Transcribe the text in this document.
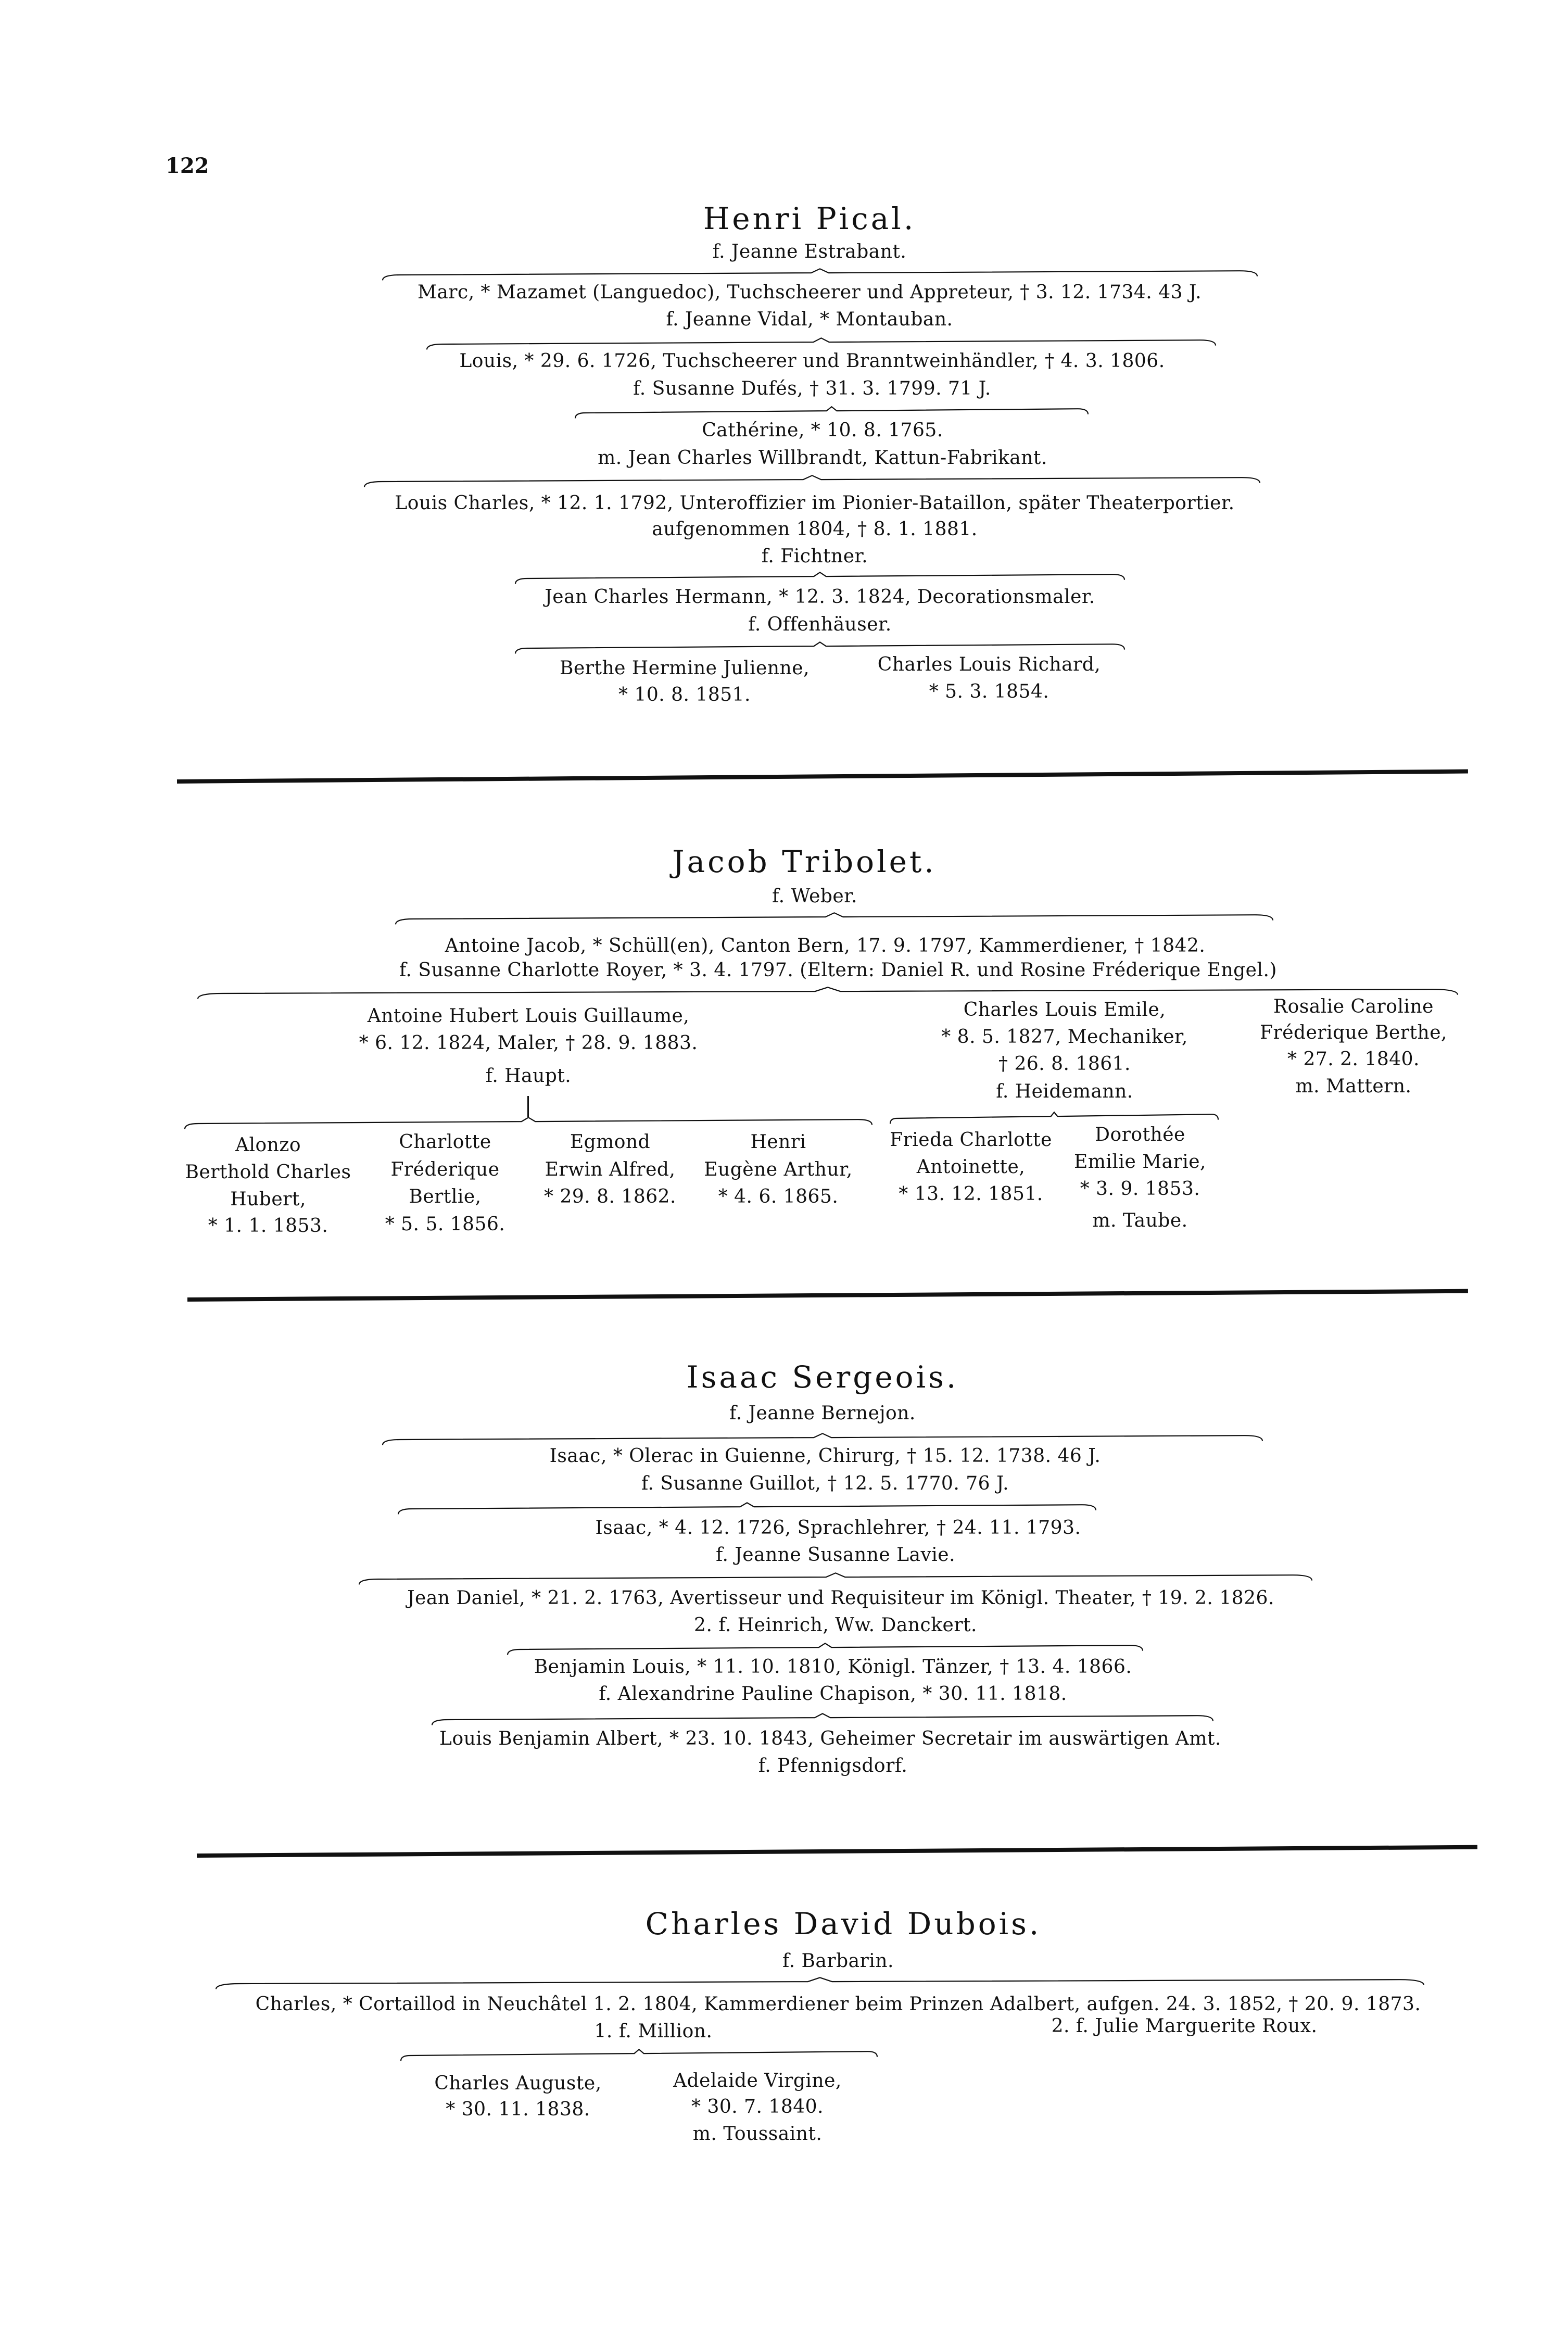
122
Henri Pical.
f. Jeanne Estrabant.
Marc, * Mazamet (Languedoc), Tuchscheerer und Appreteur, † 3. 12. 1734. 43 J.
f. Jeanne Vidal, * Montauban.
Louis, * 29. 6. 1726, Tuchscheerer und Branntweinhändler, † 4. 3. 1806.
f. Susanne Dufés, † 31. 3. 1799. 71 J.
Cathérine, * 10. 8. 1765.
m. Jean Charles Willbrandt, Kattun-Fabrikant.
Louis Charles, * 12. 1. 1792, Unteroffizier im Pionier-Bataillon, später Theaterportier.
aufgenommen 1804, † 8. 1. 1881.
f. Fichtner.
Jean Charles Hermann, * 12. 3. 1824, Decorationsmaler.
f. Offenhäuser.
Berthe Hermine Julienne,
* 10. 8. 1851.
Charles Louis Richard,
* 5. 3. 1854.
Jacob Tribolet.
f. Weber.
Antoine Jacob, * Schüll(en), Canton Bern, 17. 9. 1797, Kammerdiener, † 1842.
f. Susanne Charlotte Royer, * 3. 4. 1797. (Eltern: Daniel R. und Rosine Fréderique Engel.)
Antoine Hubert Louis Guillaume,
* 6. 12. 1824, Maler, † 28. 9. 1883.
f. Haupt.
Charles Louis Emile,
* 8. 5. 1827, Mechaniker,
† 26. 8. 1861.
f. Heidemann.
Rosalie Caroline
Fréderique Berthe,
* 27. 2. 1840.
m. Mattern.
Alonzo
Berthold Charles
Hubert,
* 1. 1. 1853.
Charlotte
Fréderique
Bertlie,
* 5. 5. 1856.
Egmond
Erwin Alfred,
* 29. 8. 1862.
Henri
Eugène Arthur,
* 4. 6. 1865.
Frieda Charlotte
Antoinette,
* 13. 12. 1851.
Dorothée
Emilie Marie,
* 3. 9. 1853.
m. Taube.
Isaac Sergeois.
f. Jeanne Bernejon.
Isaac, * Olerac in Guienne, Chirurg, † 15. 12. 1738. 46 J.
f. Susanne Guillot, † 12. 5. 1770. 76 J.
Isaac, * 4. 12. 1726, Sprachlehrer, † 24. 11. 1793.
f. Jeanne Susanne Lavie.
Jean Daniel, * 21. 2. 1763, Avertisseur und Requisiteur im Königl. Theater, † 19. 2. 1826.
2. f. Heinrich, Ww. Danckert.
Benjamin Louis, * 11. 10. 1810, Königl. Tänzer, † 13. 4. 1866.
f. Alexandrine Pauline Chapison, * 30. 11. 1818.
Louis Benjamin Albert, * 23. 10. 1843, Geheimer Secretair im auswärtigen Amt.
f. Pfennigsdorf.
Charles David Dubois.
f. Barbarin.
Charles, * Cortaillod in Neuchâtel 1. 2. 1804, Kammerdiener beim Prinzen Adalbert, aufgen. 24. 3. 1852, † 20. 9. 1873.
1. f. Million.	2. f. Julie Marguerite Roux.
Charles Auguste,
* 30. 11. 1838.
Adelaide Virgine,
* 30. 7. 1840.
m. Toussaint.
